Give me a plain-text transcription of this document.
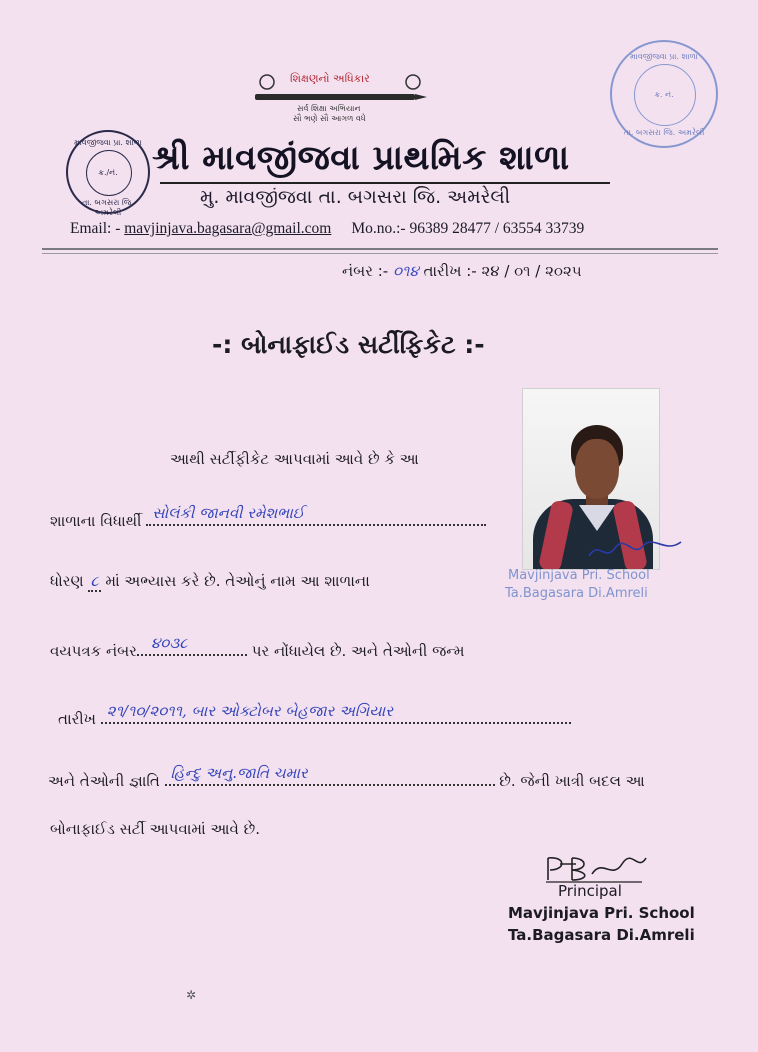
શિક્ષણનો અધિકાર
સર્વ શિક્ષા અભિયાન
સૌ ભણે સૌ આગળ વધે
માવજીંજવા પ્રા. શાળા
ક્ર. નં.
તા. બગસરા જિ. અમરેલી
માવજીંજવા પ્રા. શાળા
ક્ર./નં.
તા. બગસરા જિ. અમરેલી
શ્રી માવજીંજવા પ્રાથમિક શાળા
મુ. માવજીંજવા તા. બગસરા જિ. અમરેલી
Email: - mavjinjava.bagasara@gmail.com Mo.no.:- 96389 28477 / 63554 33739
નંબર :- ૦૧૪ તારીખ :- ૨૪ / ૦૧ / ૨૦૨૫
-: બોનાફાઈડ સર્ટીફિકેટ :-
Mavjinjava Pri. School
Ta.Bagasara Di.Amreli
આથી સર્ટીફીકેટ આપવામાં આવે છે કે આ
શાળાના વિધાર્થી સોલંકી જાનવી રમેશભાઈ
ધોરણ ૮ માં અભ્યાસ કરે છે. તેઓનું નામ આ શાળાના
વયપત્રક નંબર ૪૦૩૮	પર નોંધાયેલ છે. અને તેઓની જન્મ
તારીખ ૨૧/૧૦/૨૦૧૧, બાર ઓક્ટોબર બેહજાર અગિયાર
અને તેઓની જ્ઞાતિ હિન્દુ અનુ.જાતિ ચમાર	છે. જેની ખાત્રી બદલ આ
બોનાફાઈડ સર્ટી આપવામાં આવે છે.
Principal
Mavjinjava Pri. School
Ta.Bagasara Di.Amreli
✲
